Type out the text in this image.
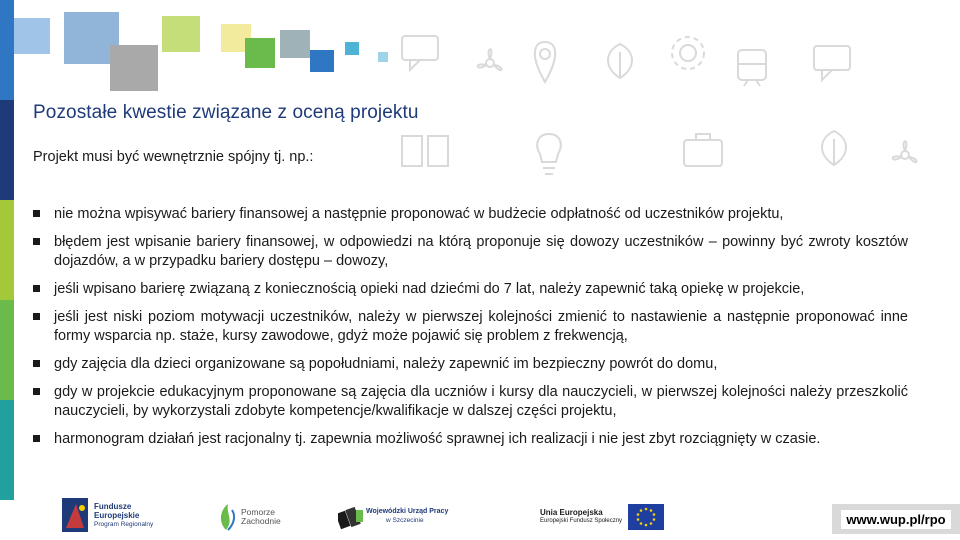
Pozostałe kwestie związane z oceną projektu
Projekt musi być wewnętrznie spójny tj. np.:
nie można wpisywać bariery finansowej a następnie proponować w budżecie odpłatność od uczestników projektu,
błędem jest wpisanie bariery finansowej, w odpowiedzi na którą proponuje się dowozy uczestników – powinny być zwroty kosztów dojazdów, a w przypadku bariery dostępu – dowozy,
jeśli wpisano barierę związaną z koniecznością opieki nad dziećmi do 7 lat, należy zapewnić taką opiekę w projekcie,
jeśli jest niski poziom motywacji uczestników, należy w pierwszej kolejności zmienić to nastawienie a następnie proponować inne formy wsparcia np. staże, kursy zawodowe, gdyż może pojawić się problem z frekwencją,
gdy zajęcia dla dzieci organizowane są popołudniami, należy zapewnić im bezpieczny powrót do domu,
gdy w projekcie edukacyjnym proponowane są zajęcia dla uczniów i kursy dla nauczycieli, w pierwszej kolejności należy przeszkolić nauczycieli, by wykorzystali zdobyte kompetencje/kwalifikacje w dalszej części projektu,
harmonogram działań jest racjonalny tj. zapewnia możliwość sprawnej ich realizacji i nie jest zbyt rozciągnięty w czasie.
Fundusze
Europejskie
Program Regionalny
Pomorze
Zachodnie
Wojewódzki Urząd Pracy
w Szczecinie
Unia Europejska
Europejski Fundusz Społeczny	www.wup.pl/rpo
